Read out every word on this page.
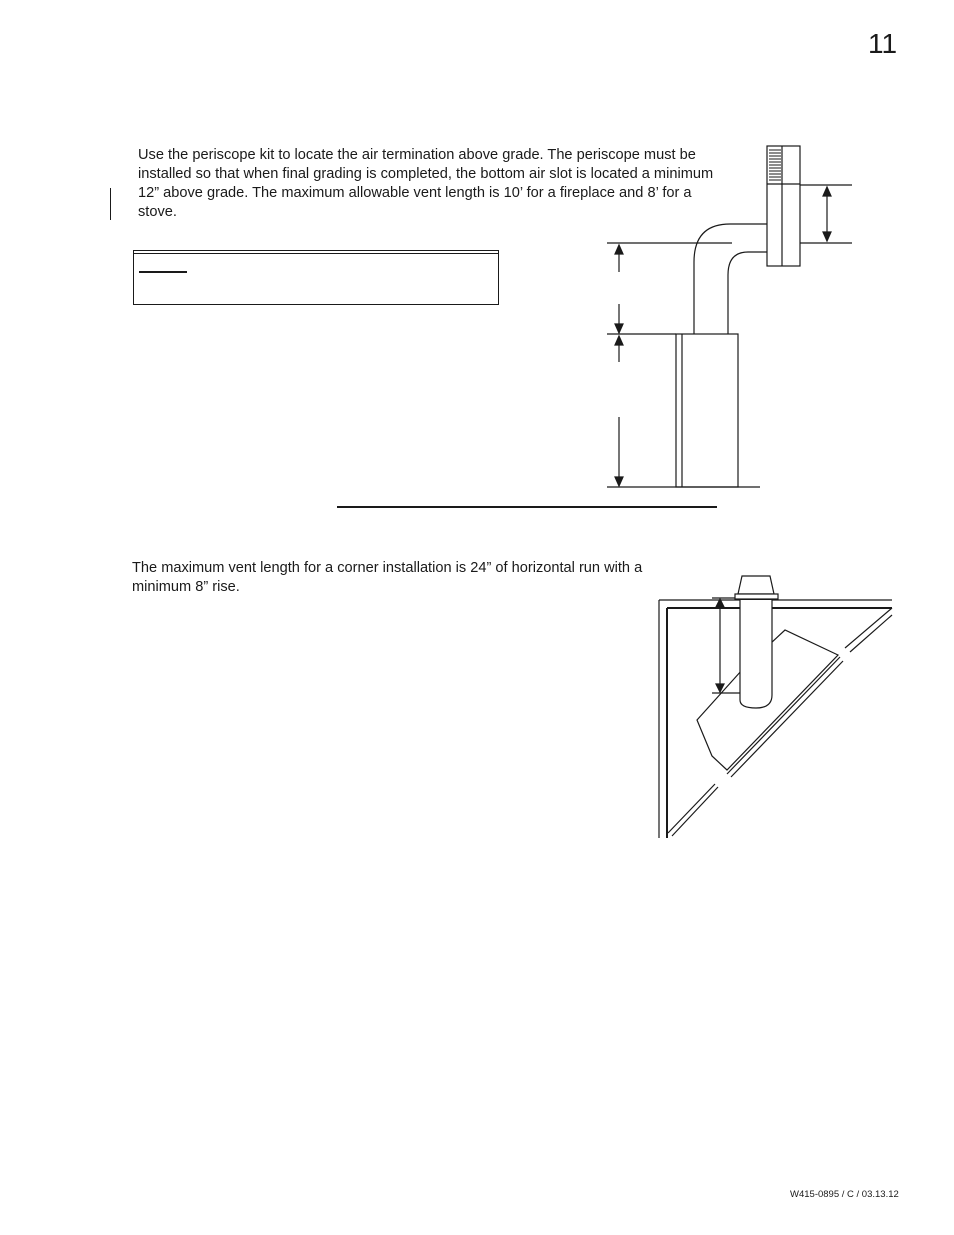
11

Use the periscope kit to locate the air termination above grade. The periscope must be installed so that when final grading is completed, the bottom air slot is located a minimum 12” above grade. The maximum allowable vent length is 10’ for a fireplace and 8’ for a stove.

The maximum vent length for a corner installation is 24” of horizontal run with a minimum 8” rise.

W415-0895 / C / 03.13.12
